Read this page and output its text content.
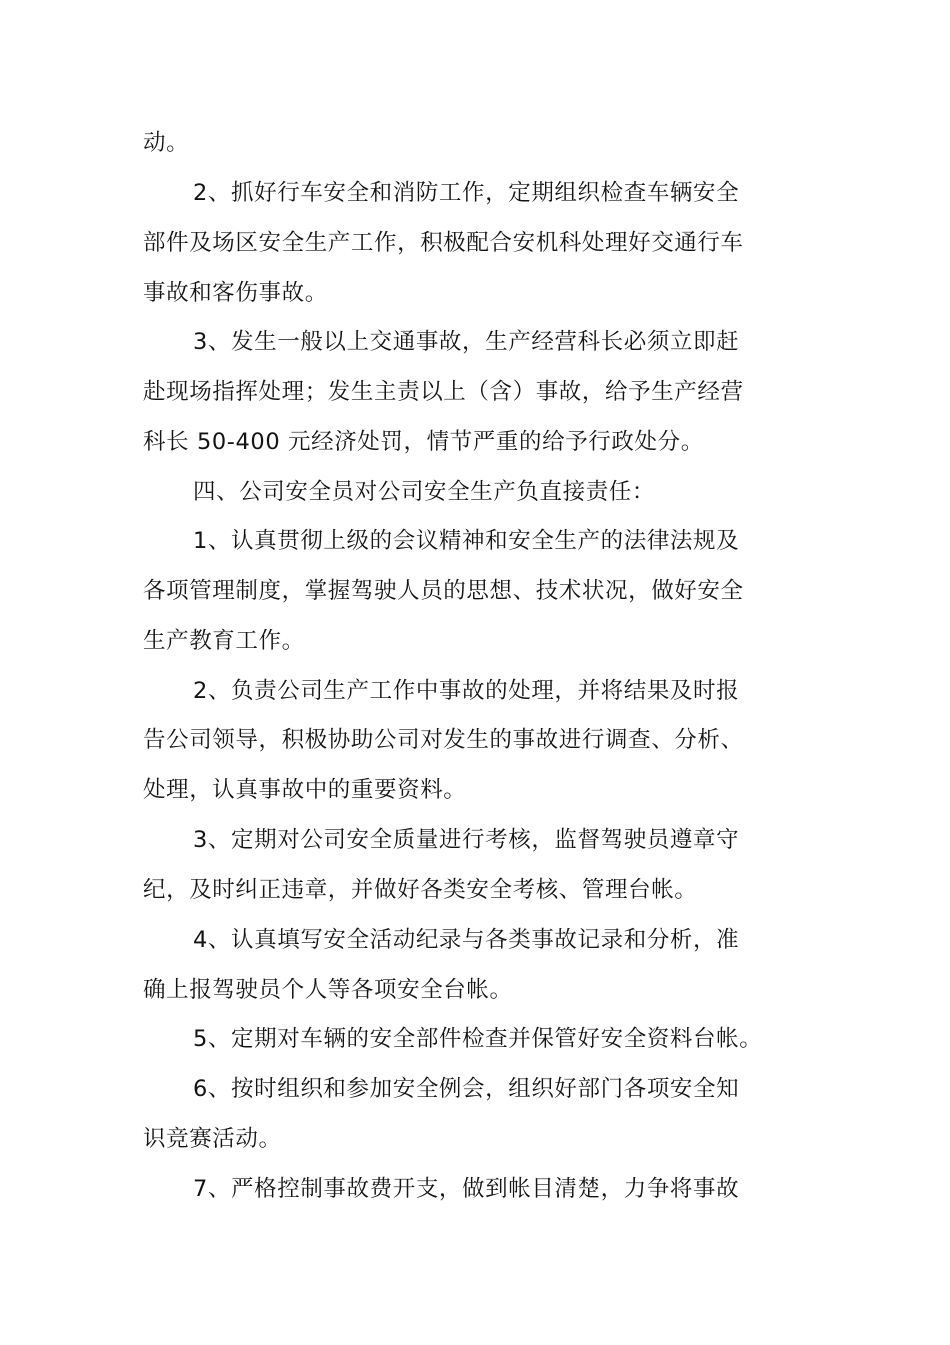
动。
2、抓好行车安全和消防工作，定期组织检查车辆安全
部件及场区安全生产工作，积极配合安机科处理好交通行车
事故和客伤事故。
3、发生一般以上交通事故，生产经营科长必须立即赶
赴现场指挥处理；发生主责以上（含）事故，给予生产经营
科长 50-400 元经济处罚，情节严重的给予行政处分。
四、公司安全员对公司安全生产负直接责任：
1、认真贯彻上级的会议精神和安全生产的法律法规及
各项管理制度，掌握驾驶人员的思想、技术状况，做好安全
生产教育工作。
2、负责公司生产工作中事故的处理，并将结果及时报
告公司领导，积极协助公司对发生的事故进行调查、分析、
处理，认真事故中的重要资料。
3、定期对公司安全质量进行考核，监督驾驶员遵章守
纪，及时纠正违章，并做好各类安全考核、管理台帐。
4、认真填写安全活动纪录与各类事故记录和分析，准
确上报驾驶员个人等各项安全台帐。
5、定期对车辆的安全部件检查并保管好安全资料台帐。
6、按时组织和参加安全例会，组织好部门各项安全知
识竞赛活动。
7、严格控制事故费开支，做到帐目清楚，力争将事故
